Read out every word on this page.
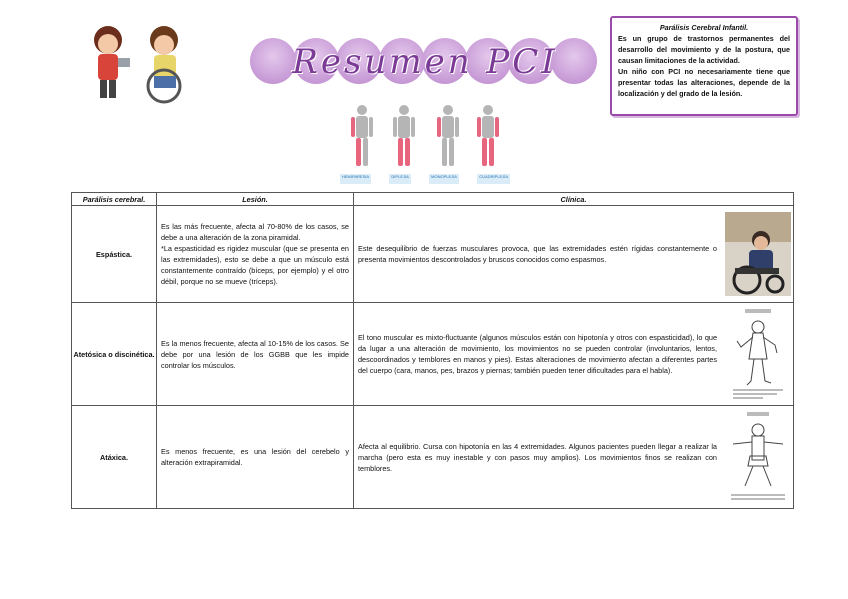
Resumen PCI
HEMIPARESIA	DIPLEJÍA	MONOPLEJÍA	CUADRIPLEJÍA
Parálisis Cerebral Infantil.

Es un grupo de trastornos permanentes del desarrollo del movimiento y de la postura, que causan limitaciones de la actividad.

Un niño con PCI no necesariamente tiene que presentar todas las alteraciones, depende de la localización y del grado de la lesión.

Parálisis cerebral.	Lesión.	Clínica.
Espástica.	Es las más frecuente, afecta al 70-80% de los casos, se debe a una alteración de la zona piramidal.
*La espasticidad es rigidez muscular (que se presenta en las extremidades), esto se debe a que un músculo está constantemente contraído (bíceps, por ejemplo) y el otro débil, porque no se mueve (tríceps).	Este desequilibrio de fuerzas musculares provoca, que las extremidades estén rígidas constantemente o presenta movimientos descontrolados y bruscos conocidos como espasmos.

Atetósica o discinética.	Es la menos frecuente, afecta al 10-15% de los casos. Se debe por una lesión de los GGBB que les impide controlar los músculos.	El tono muscular es mixto-fluctuante (algunos músculos están con hipotonía y otros con espasticidad), lo que da lugar a una alteración de movimiento, los movimientos no se pueden controlar (involuntarios, lentos, descoordinados y temblores en manos y pies). Estas alteraciones de movimiento afectan a diferentes partes del cuerpo (cara, manos, pes, brazos y piernas; también pueden tener dificultades para el habla).

Atáxica.	Es menos frecuente, es una lesión del cerebelo y alteración extrapiramidal.	Afecta al equilibrio. Cursa con hipotonía en las 4 extremidades. Algunos pacientes pueden llegar a realizar la marcha (pero esta es muy inestable y con pasos muy amplios). Los movimientos finos se realizan con temblores.
